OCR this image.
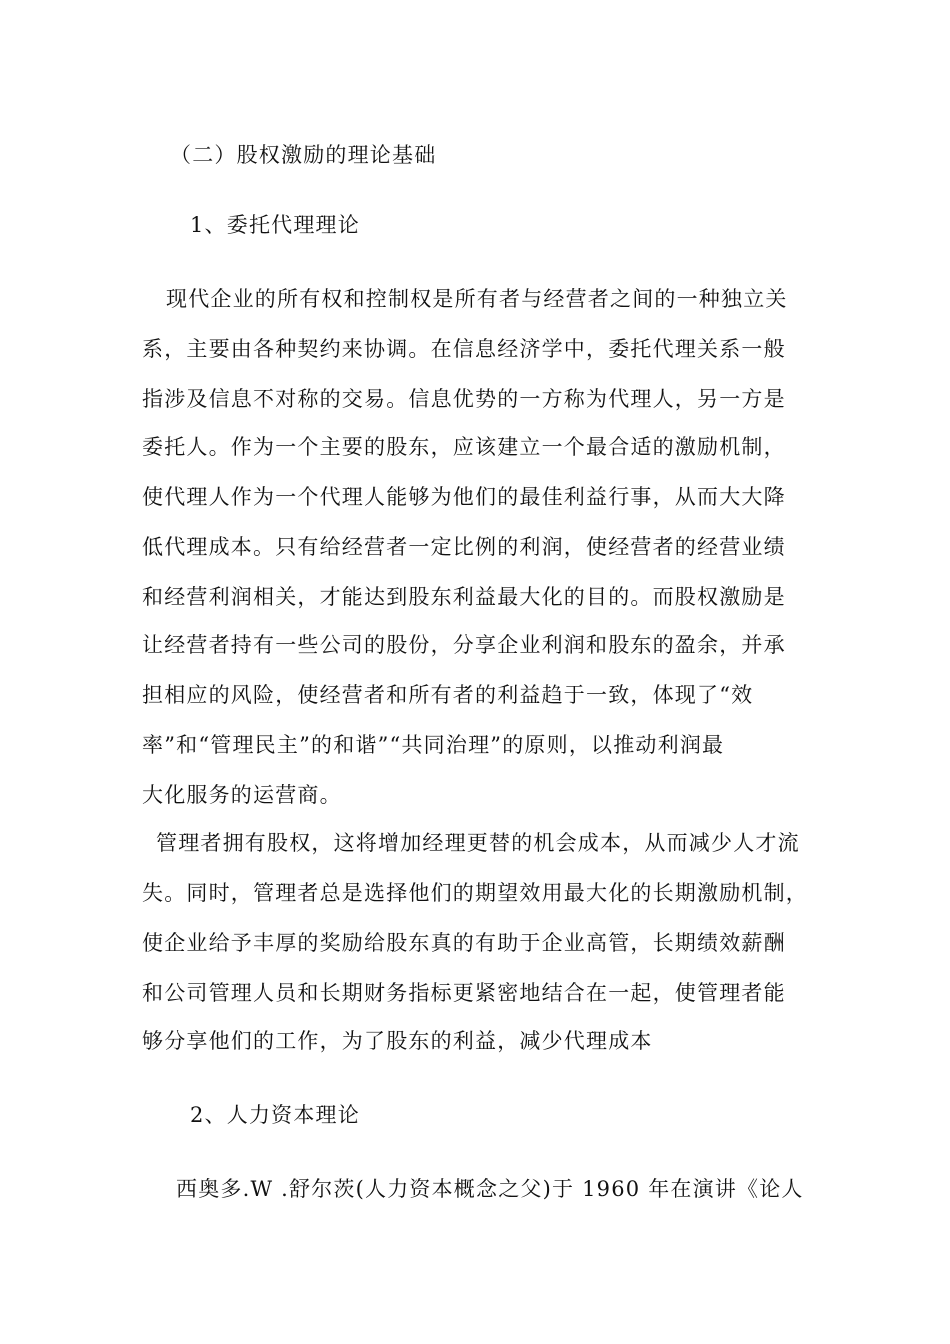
（二）股权激励的理论基础
1、委托代理理论
现代企业的所有权和控制权是所有者与经营者之间的一种独立关
系，主要由各种契约来协调。在信息经济学中，委托代理关系一般
指涉及信息不对称的交易。信息优势的一方称为代理人，另一方是
委托人。作为一个主要的股东，应该建立一个最合适的激励机制，
使代理人作为一个代理人能够为他们的最佳利益行事，从而大大降
低代理成本。只有给经营者一定比例的利润，使经营者的经营业绩
和经营利润相关，才能达到股东利益最大化的目的。而股权激励是
让经营者持有一些公司的股份，分享企业利润和股东的盈余，并承
担相应的风险，使经营者和所有者的利益趋于一致，体现了“效
率”和“管理民主”的和谐”“共同治理”的原则，以推动利润最
大化服务的运营商。
管理者拥有股权，这将增加经理更替的机会成本，从而减少人才流
失。同时，管理者总是选择他们的期望效用最大化的长期激励机制，
使企业给予丰厚的奖励给股东真的有助于企业高管，长期绩效薪酬
和公司管理人员和长期财务指标更紧密地结合在一起，使管理者能
够分享他们的工作，为了股东的利益，减少代理成本
2、人力资本理论
西奥多.W .舒尔茨(人力资本概念之父)于 1960 年在演讲《论人
